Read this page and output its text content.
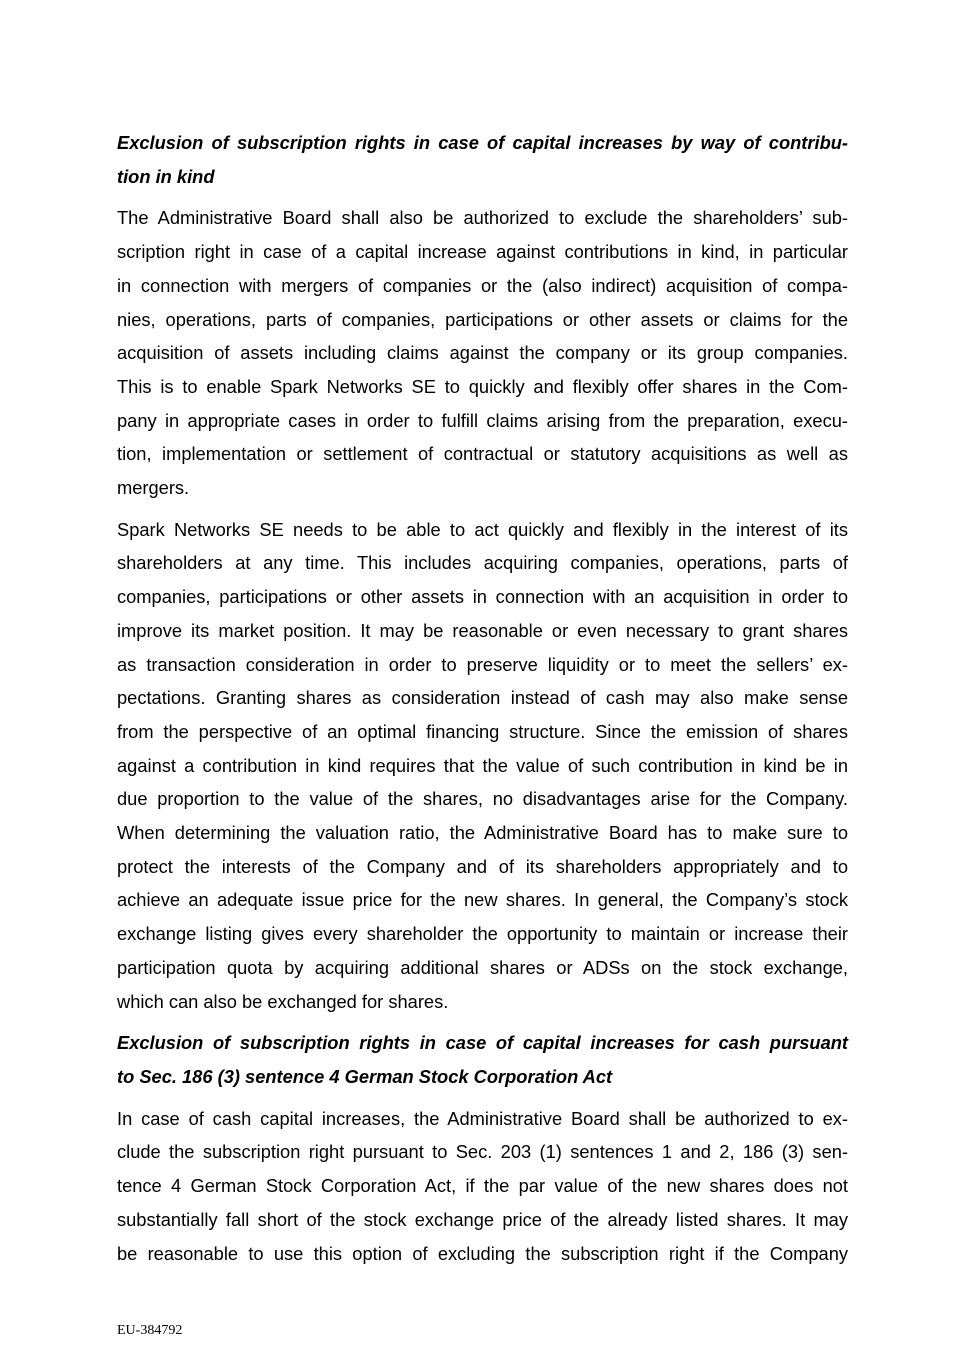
Exclusion of subscription rights in case of capital increases by way of contribu-
tion in kind
The Administrative Board shall also be authorized to exclude the shareholders’ sub-
scription right in case of a capital increase against contributions in kind, in particular
in connection with mergers of companies or the (also indirect) acquisition of compa-
nies, operations, parts of companies, participations or other assets or claims for the
acquisition of assets including claims against the company or its group companies.
This is to enable Spark Networks SE to quickly and flexibly offer shares in the Com-
pany in appropriate cases in order to fulfill claims arising from the preparation, execu-
tion, implementation or settlement of contractual or statutory acquisitions as well as
mergers.
Spark Networks SE needs to be able to act quickly and flexibly in the interest of its
shareholders at any time. This includes acquiring companies, operations, parts of
companies, participations or other assets in connection with an acquisition in order to
improve its market position. It may be reasonable or even necessary to grant shares
as transaction consideration in order to preserve liquidity or to meet the sellers’ ex-
pectations. Granting shares as consideration instead of cash may also make sense
from the perspective of an optimal financing structure. Since the emission of shares
against a contribution in kind requires that the value of such contribution in kind be in
due proportion to the value of the shares, no disadvantages arise for the Company.
When determining the valuation ratio, the Administrative Board has to make sure to
protect the interests of the Company and of its shareholders appropriately and to
achieve an adequate issue price for the new shares. In general, the Company’s stock
exchange listing gives every shareholder the opportunity to maintain or increase their
participation quota by acquiring additional shares or ADSs on the stock exchange,
which can also be exchanged for shares.
Exclusion of subscription rights in case of capital increases for cash pursuant
to Sec. 186 (3) sentence 4 German Stock Corporation Act
In case of cash capital increases, the Administrative Board shall be authorized to ex-
clude the subscription right pursuant to Sec. 203 (1) sentences 1 and 2, 186 (3) sen-
tence 4 German Stock Corporation Act, if the par value of the new shares does not
substantially fall short of the stock exchange price of the already listed shares. It may
be reasonable to use this option of excluding the subscription right if the Company
EU-384792
